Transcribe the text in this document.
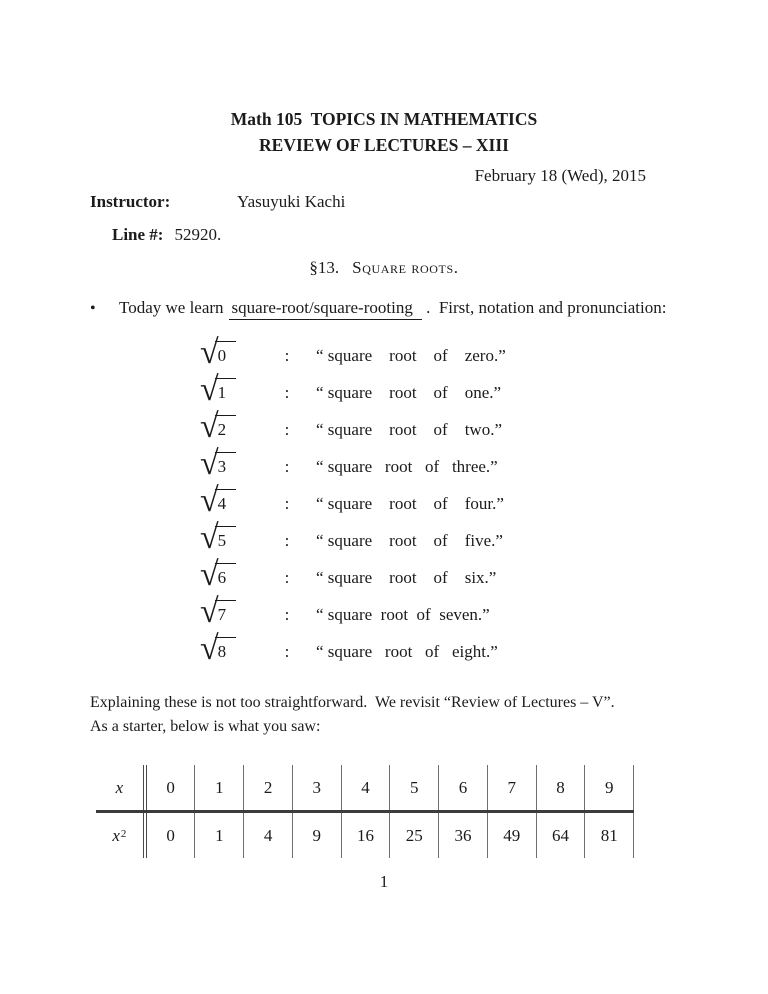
Math 105  TOPICS IN MATHEMATICS
REVIEW OF LECTURES – XIII
February 18 (Wed), 2015
Instructor:	Yasuyuki Kachi
Line #: 52920.
§13. Square roots.
•	Today we learn square-root/square-rooting .  First, notation and pronunciation:
√ 0	:	“ square    root    of    zero.”
√ 1	:	“ square    root    of    one.”
√ 2	:	“ square    root    of    two.”
√ 3	:	“ square   root   of   three.”
√ 4	:	“ square    root    of    four.”
√ 5	:	“ square    root    of    five.”
√ 6	:	“ square    root    of    six.”
√ 7	:	“ square  root  of  seven.”
√ 8	:	“ square   root   of   eight.”
Explaining these is not too straightforward.  We revisit “Review of Lectures – V”.
As a starter, below is what you saw:
x	0	1	2	3	4	5	6	7	8	9
x 2	0	1	4	9	16	25	36	49	64	81
1
